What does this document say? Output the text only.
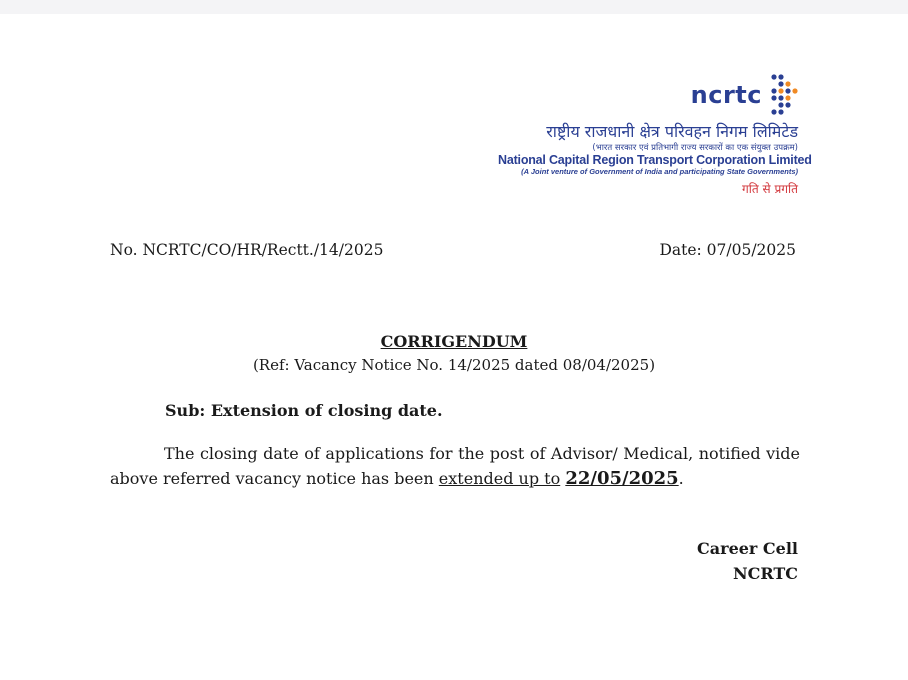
ncrtc
राष्ट्रीय राजधानी क्षेत्र परिवहन निगम लिमिटेड
(भारत सरकार एवं प्रतिभागी राज्य सरकारों का एक संयुक्त उपक्रम)
National Capital Region Transport Corporation Limited
(A Joint venture of Government of India and participating State Governments)
गति से प्रगति
No. NCRTC/CO/HR/Rectt./14/2025	Date: 07/05/2025
CORRIGENDUM
(Ref: Vacancy Notice No. 14/2025 dated 08/04/2025)
Sub: Extension of closing date.
The closing date of applications for the post of Advisor/ Medical, notified vide above referred vacancy notice has been extended up to 22/05/2025.
Career Cell
NCRTC
